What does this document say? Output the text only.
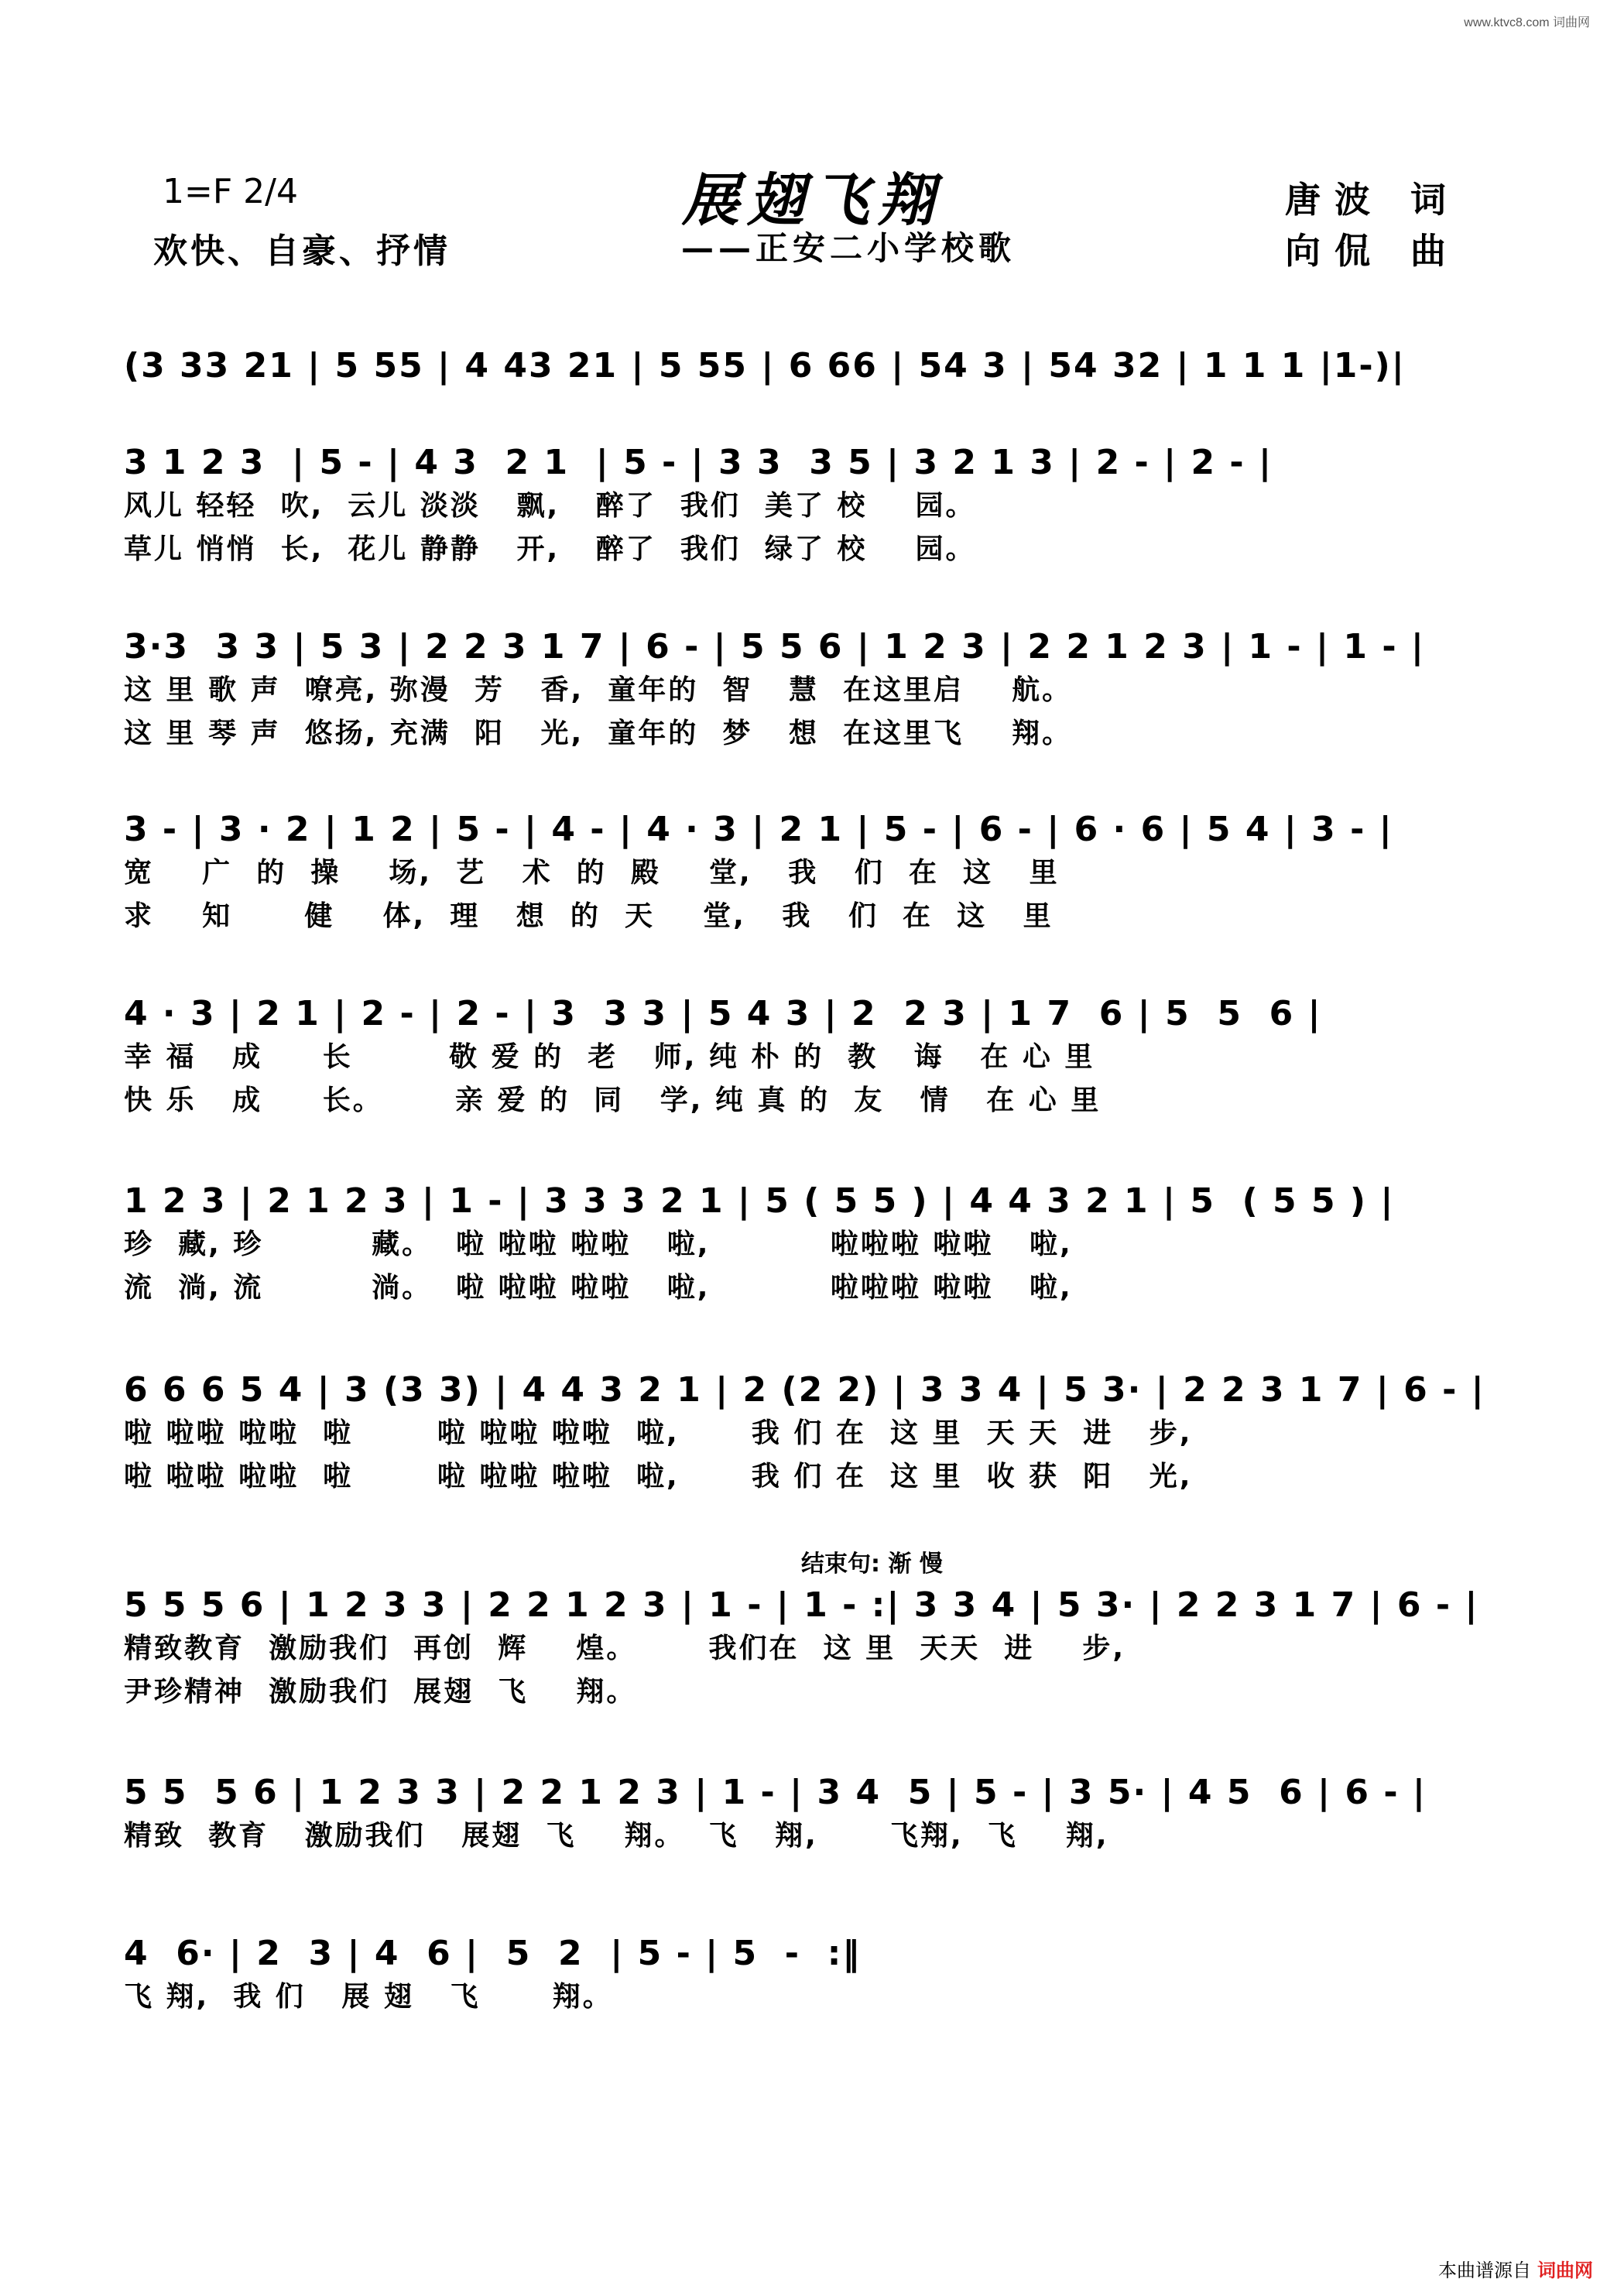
www.ktvc8.com 词曲网
1=F 2/4
欢快、自豪、抒情
展翅飞翔
——正安二小学校歌
唐波 词
向侃 曲
(3 33 21 | 5 55 | 4 43 21 | 5 55 | 6 66 | 54 3 | 54 32 | 1 1 1 |1-)|
3 1 2 3  | 5 - | 4 3  2 1  | 5 - | 3 3  3 5 | 3 2 1 3 | 2 - | 2 - |
风儿 轻轻  吹,  云儿 淡淡   飘,   醉了  我们  美了 校    园。
草儿 悄悄  长,  花儿 静静   开,   醉了  我们  绿了 校    园。
3·3  3 3 | 5 3 | 2 2 3 1 7 | 6 - | 5 5 6 | 1 2 3 | 2 2 1 2 3 | 1 - | 1 - |
这 里 歌 声  嘹亮, 弥漫  芳   香,  童年的  智   慧  在这里启    航。
这 里 琴 声  悠扬, 充满  阳   光,  童年的  梦   想  在这里飞    翔。
3 - | 3 · 2 | 1 2 | 5 - | 4 - | 4 · 3 | 2 1 | 5 - | 6 - | 6 · 6 | 5 4 | 3 - |
宽    广  的  操    场,  艺   术  的  殿    堂,   我   们  在  这   里
求    知      健    体,  理   想  的  天    堂,   我   们  在  这   里
4 · 3 | 2 1 | 2 - | 2 - | 3  3 3 | 5 4 3 | 2  2 3 | 1 7  6 | 5  5  6 |
幸 福   成     长        敬 爱 的  老   师, 纯 朴 的  教   诲   在 心 里
快 乐   成     长。      亲 爱 的  同   学, 纯 真 的  友   情   在 心 里
1 2 3 | 2 1 2 3 | 1 - | 3 3 3 2 1 | 5 ( 5 5 ) | 4 4 3 2 1 | 5  ( 5 5 ) |
珍  藏, 珍         藏。  啦 啦啦 啦啦   啦,          啦啦啦 啦啦   啦,
流  淌, 流         淌。  啦 啦啦 啦啦   啦,          啦啦啦 啦啦   啦,
6 6 6 5 4 | 3 (3 3) | 4 4 3 2 1 | 2 (2 2) | 3 3 4 | 5 3· | 2 2 3 1 7 | 6 - |
啦 啦啦 啦啦  啦       啦 啦啦 啦啦  啦,      我 们 在  这 里  天 天  进   步,
啦 啦啦 啦啦  啦       啦 啦啦 啦啦  啦,      我 们 在  这 里  收 获  阳   光,
结束句: 渐 慢
5 5 5 6 | 1 2 3 3 | 2 2 1 2 3 | 1 - | 1 - :| 3 3 4 | 5 3· | 2 2 3 1 7 | 6 - |
精致教育  激励我们  再创  辉    煌。      我们在  这 里  天天  进    步,
尹珍精神  激励我们  展翅  飞    翔。
5 5  5 6 | 1 2 3 3 | 2 2 1 2 3 | 1 - | 3 4  5 | 5 - | 3 5· | 4 5  6 | 6 - |
精致  教育   激励我们   展翅  飞    翔。  飞   翔,      飞翔,  飞    翔,
4  6· | 2  3 | 4  6 |  5  2  | 5 - | 5  -  :‖
飞 翔,  我 们   展 翅   飞      翔。
本曲谱源自 词曲网
